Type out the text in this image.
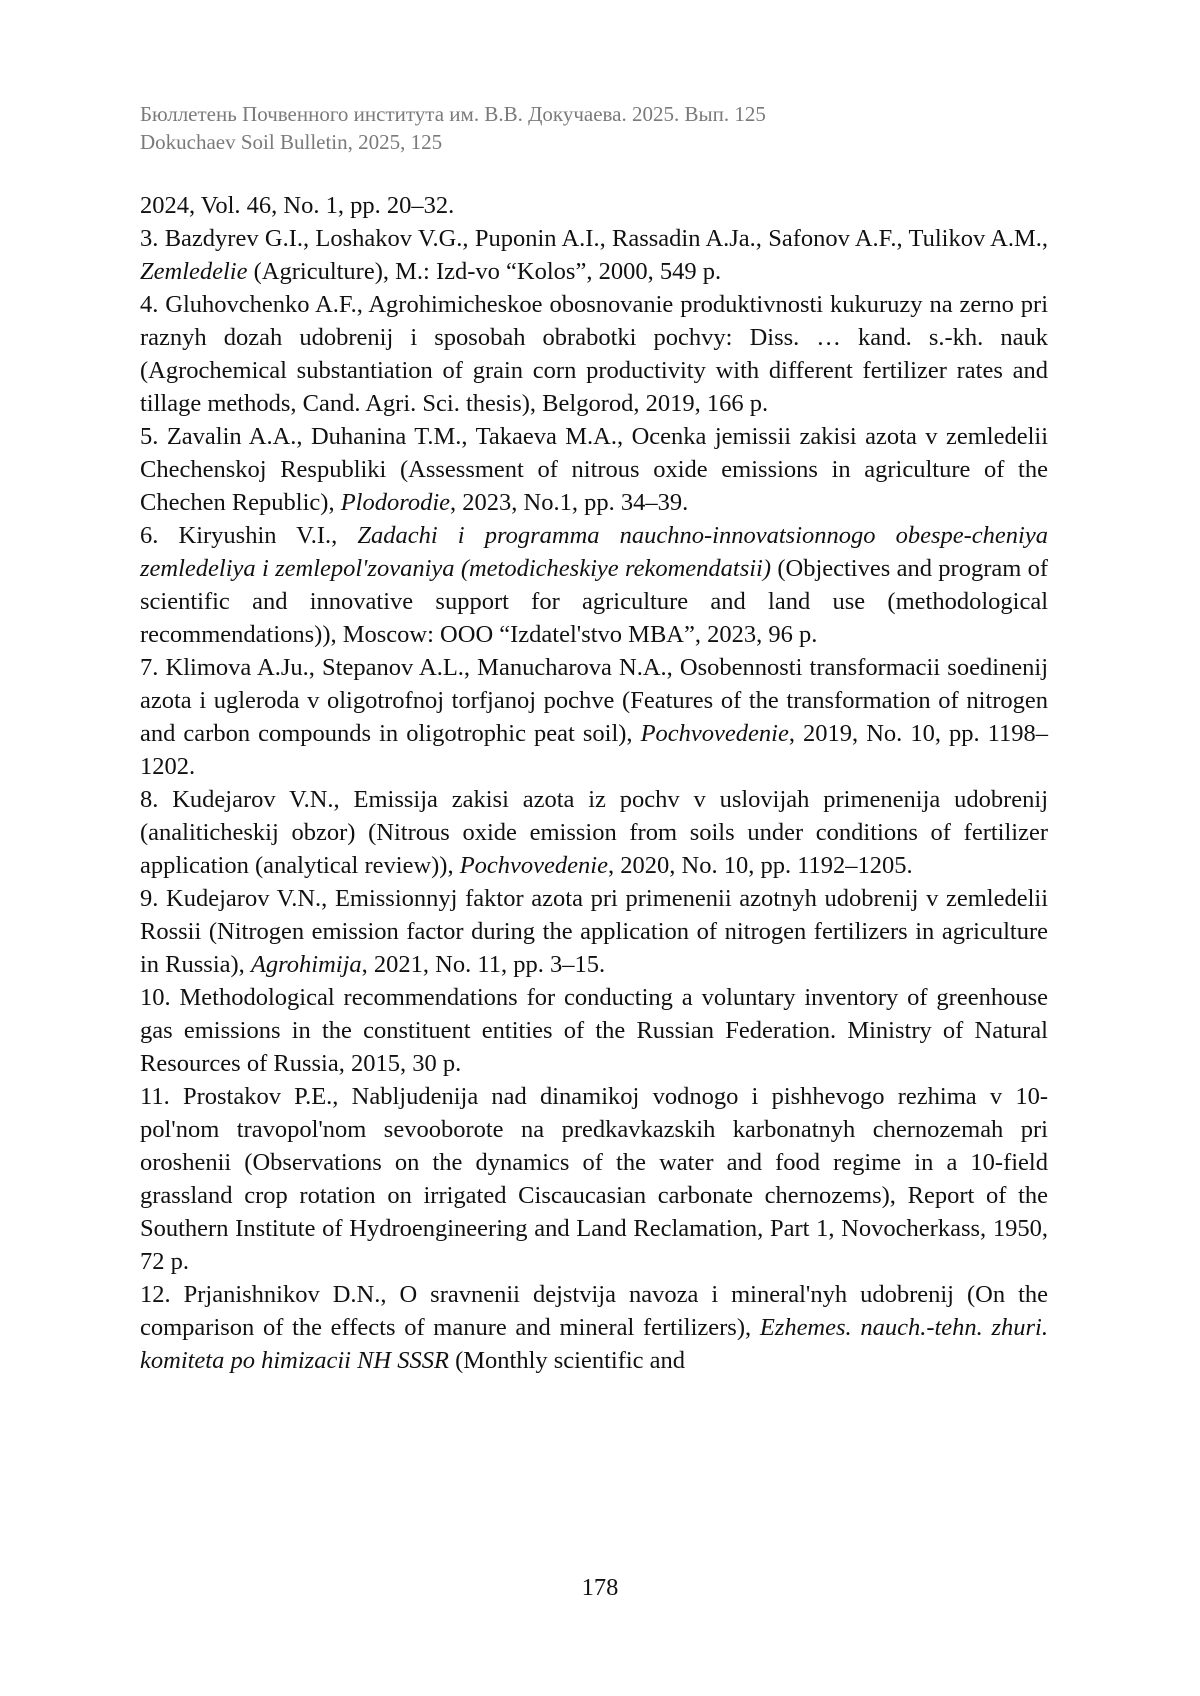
Бюллетень Почвенного института им. В.В. Докучаева. 2025. Вып. 125
Dokuchaev Soil Bulletin, 2025, 125

2024, Vol. 46, No. 1, pp. 20–32.

3. Bazdyrev G.I., Loshakov V.G., Puponin A.I., Rassadin A.Ja., Safonov A.F., Tulikov A.M., Zemledelie (Agriculture), M.: Izd-vo “Kolos”, 2000, 549 p.

4. Gluhovchenko A.F., Agrohimicheskoe obosnovanie produktivnosti kukuruzy na zerno pri raznyh dozah udobrenij i sposobah obrabotki pochvy: Diss. … kand. s.-kh. nauk (Agrochemical substantiation of grain corn productivity with different fertilizer rates and tillage methods, Cand. Agri. Sci. thesis), Belgorod, 2019, 166 p.

5. Zavalin A.A., Duhanina T.M., Takaeva M.A., Ocenka jemissii zakisi azota v zemledelii Chechenskoj Respubliki (Assessment of nitrous oxide emissions in agriculture of the Chechen Republic), Plodorodie, 2023, No.1, pp. 34–39.

6. Kiryushin V.I., Zadachi i programma nauchno-innovatsionnogo obespe-cheniya zemledeliya i zemlepol'zovaniya (metodicheskiye rekomendatsii) (Objectives and program of scientific and innovative support for agriculture and land use (methodological recommendations)), Moscow: OOO “Izdatel'stvo MBA”, 2023, 96 p.

7. Klimova A.Ju., Stepanov A.L., Manucharova N.A., Osobennosti transformacii soedinenij azota i ugleroda v oligotrofnoj torfjanoj pochve (Features of the transformation of nitrogen and carbon compounds in oligotrophic peat soil), Pochvovedenie, 2019, No. 10, pp. 1198–1202.

8. Kudejarov V.N., Emissija zakisi azota iz pochv v uslovijah primenenija udobrenij (analiticheskij obzor) (Nitrous oxide emission from soils under conditions of fertilizer application (analytical review)), Pochvovedenie, 2020, No. 10, pp. 1192–1205.

9. Kudejarov V.N., Emissionnyj faktor azota pri primenenii azotnyh udobrenij v zemledelii Rossii (Nitrogen emission factor during the application of nitrogen fertilizers in agriculture in Russia), Agrohimija, 2021, No. 11, pp. 3–15.

10. Methodological recommendations for conducting a voluntary inventory of greenhouse gas emissions in the constituent entities of the Russian Federation. Ministry of Natural Resources of Russia, 2015, 30 p.

11. Prostakov P.E., Nabljudenija nad dinamikoj vodnogo i pishhevogo rezhima v 10-pol'nom travopol'nom sevooborote na predkavkazskih karbonatnyh chernozemah pri oroshenii (Observations on the dynamics of the water and food regime in a 10-field grassland crop rotation on irrigated Ciscaucasian carbonate chernozems), Report of the Southern Institute of Hydroengineering and Land Reclamation, Part 1, Novocherkass, 1950, 72 p.

12. Prjanishnikov D.N., O sravnenii dejstvija navoza i mineral'nyh udobrenij (On the comparison of the effects of manure and mineral fertilizers), Ezhemes. nauch.-tehn. zhuri. komiteta po himizacii NH SSSR (Monthly scientific and

178
